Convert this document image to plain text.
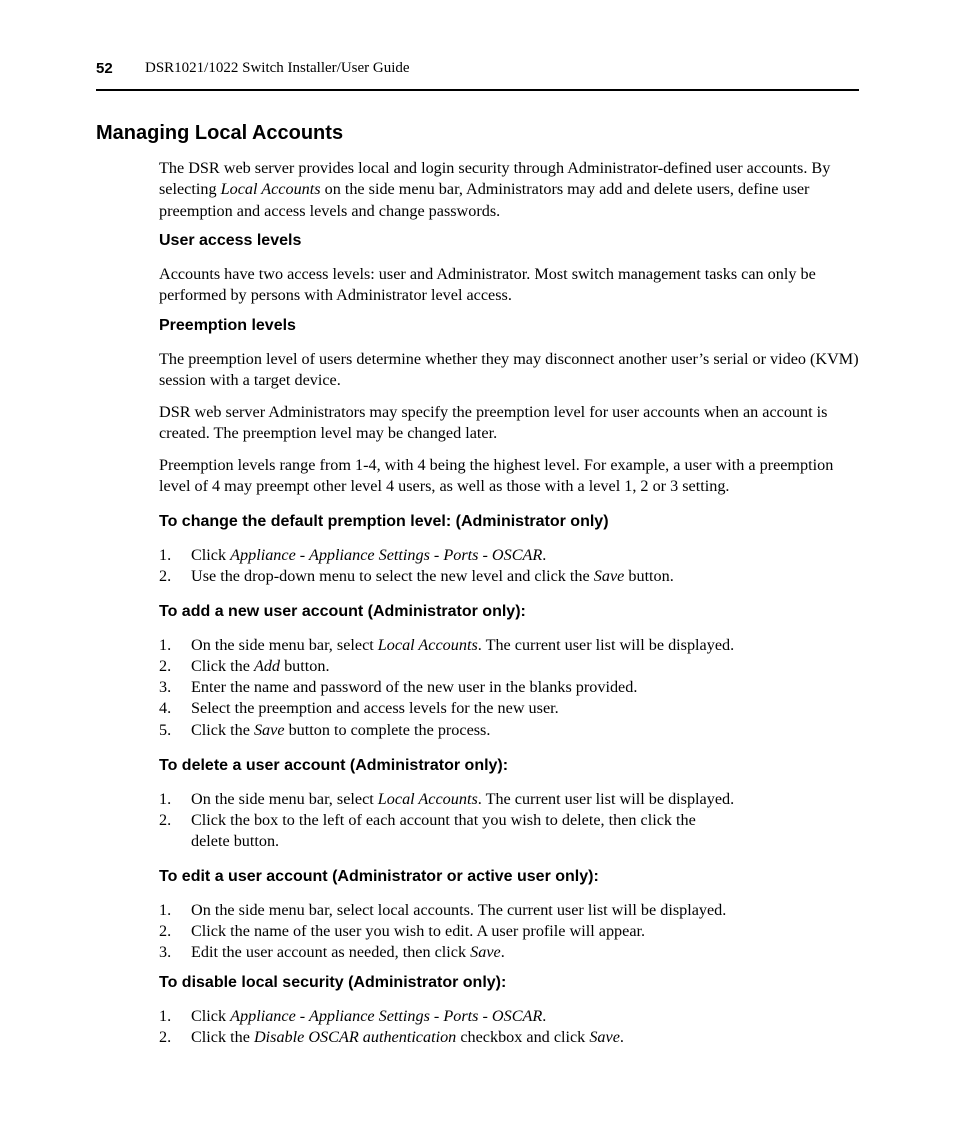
52 DSR1021/1022 Switch Installer/User Guide
Managing Local Accounts

The DSR web server provides local and login security through Administrator-defined user accounts. By selecting Local Accounts on the side menu bar, Administrators may add and delete users, define user preemption and access levels and change passwords.

User access levels

Accounts have two access levels: user and Administrator. Most switch management tasks can only be performed by persons with Administrator level access.

Preemption levels

The preemption level of users determine whether they may disconnect another user’s serial or video (KVM) session with a target device.

DSR web server Administrators may specify the preemption level for user accounts when an account is created. The preemption level may be changed later.

Preemption levels range from 1-4, with 4 being the highest level. For example, a user with a preemption level of 4 may preempt other level 4 users, as well as those with a level 1, 2 or 3 setting.

To change the default premption level: (Administrator only)
1.	Click Appliance - Appliance Settings - Ports - OSCAR.
2.	Use the drop-down menu to select the new level and click the Save button.
To add a new user account (Administrator only):
1.	On the side menu bar, select Local Accounts. The current user list will be displayed.
2.	Click the Add button.
3.	Enter the name and password of the new user in the blanks provided.
4.	Select the preemption and access levels for the new user.
5.	Click the Save button to complete the process.
To delete a user account (Administrator only):
1.	On the side menu bar, select Local Accounts. The current user list will be displayed.
2.	Click the box to the left of each account that you wish to delete, then click the
delete button.
To edit a user account (Administrator or active user only):
1.	On the side menu bar, select local accounts. The current user list will be displayed.
2.	Click the name of the user you wish to edit. A user profile will appear.
3.	Edit the user account as needed, then click Save.
To disable local security (Administrator only):
1.	Click Appliance - Appliance Settings - Ports - OSCAR.
2.	Click the Disable OSCAR authentication checkbox and click Save.
